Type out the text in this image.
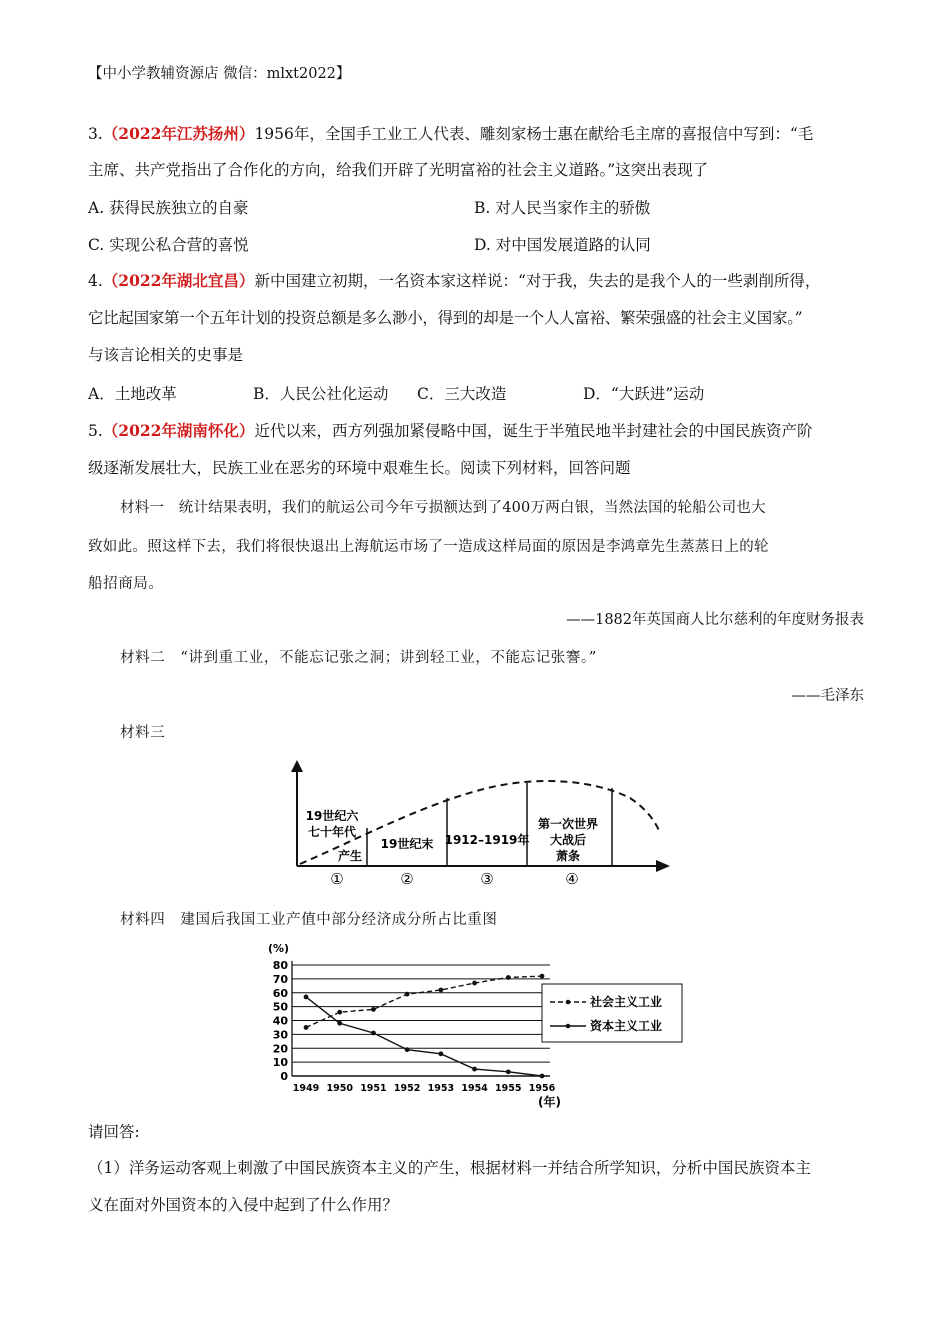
【中小学教辅资源店 微信：mlxt2022】
3.（2022年江苏扬州）1956年，全国手工业工人代表、雕刻家杨士惠在献给毛主席的喜报信中写到：“毛
主席、共产党指出了合作化的方向，给我们开辟了光明富裕的社会主义道路。”这突出表现了
A. 获得民族独立的自豪	B. 对人民当家作主的骄傲
C. 实现公私合营的喜悦	D. 对中国发展道路的认同
4.（2022年湖北宜昌）新中国建立初期，一名资本家这样说：“对于我，失去的是我个人的一些剥削所得，
它比起国家第一个五年计划的投资总额是多么渺小，得到的却是一个人人富裕、繁荣强盛的社会主义国家。”
与该言论相关的史事是
A．土地改革	B．人民公社化运动 C．三大改造	D．“大跃进”运动
5.（2022年湖南怀化）近代以来，西方列强加紧侵略中国，诞生于半殖民地半封建社会的中国民族资产阶
级逐渐发展壮大，民族工业在恶劣的环境中艰难生长。阅读下列材料，回答问题
材料一　统计结果表明，我们的航运公司今年亏损额达到了400万两白银，当然法国的轮船公司也大
致如此。照这样下去，我们将很快退出上海航运市场了一造成这样局面的原因是李鸿章先生蒸蒸日上的轮
船招商局。
——1882年英国商人比尔慈利的年度财务报表
材料二　“讲到重工业，不能忘记张之洞；讲到轻工业，不能忘记张謇。”
——毛泽东
材料三
19世纪六
七十年代
产生
19世纪末 1912–1919年
第一次世界
大战后
萧条
①	②	③	④
材料四　建国后我国工业产值中部分经济成分所占比重图
(%)
0
10
20
30
40
50
60
70
80
1949 1950 1951 1952 1953 1954 1955 1956
(年)
社会主义工业
资本主义工业
请回答:
（1）洋务运动客观上刺激了中国民族资本主义的产生，根据材料一并结合所学知识，分析中国民族资本主
义在面对外国资本的入侵中起到了什么作用？
